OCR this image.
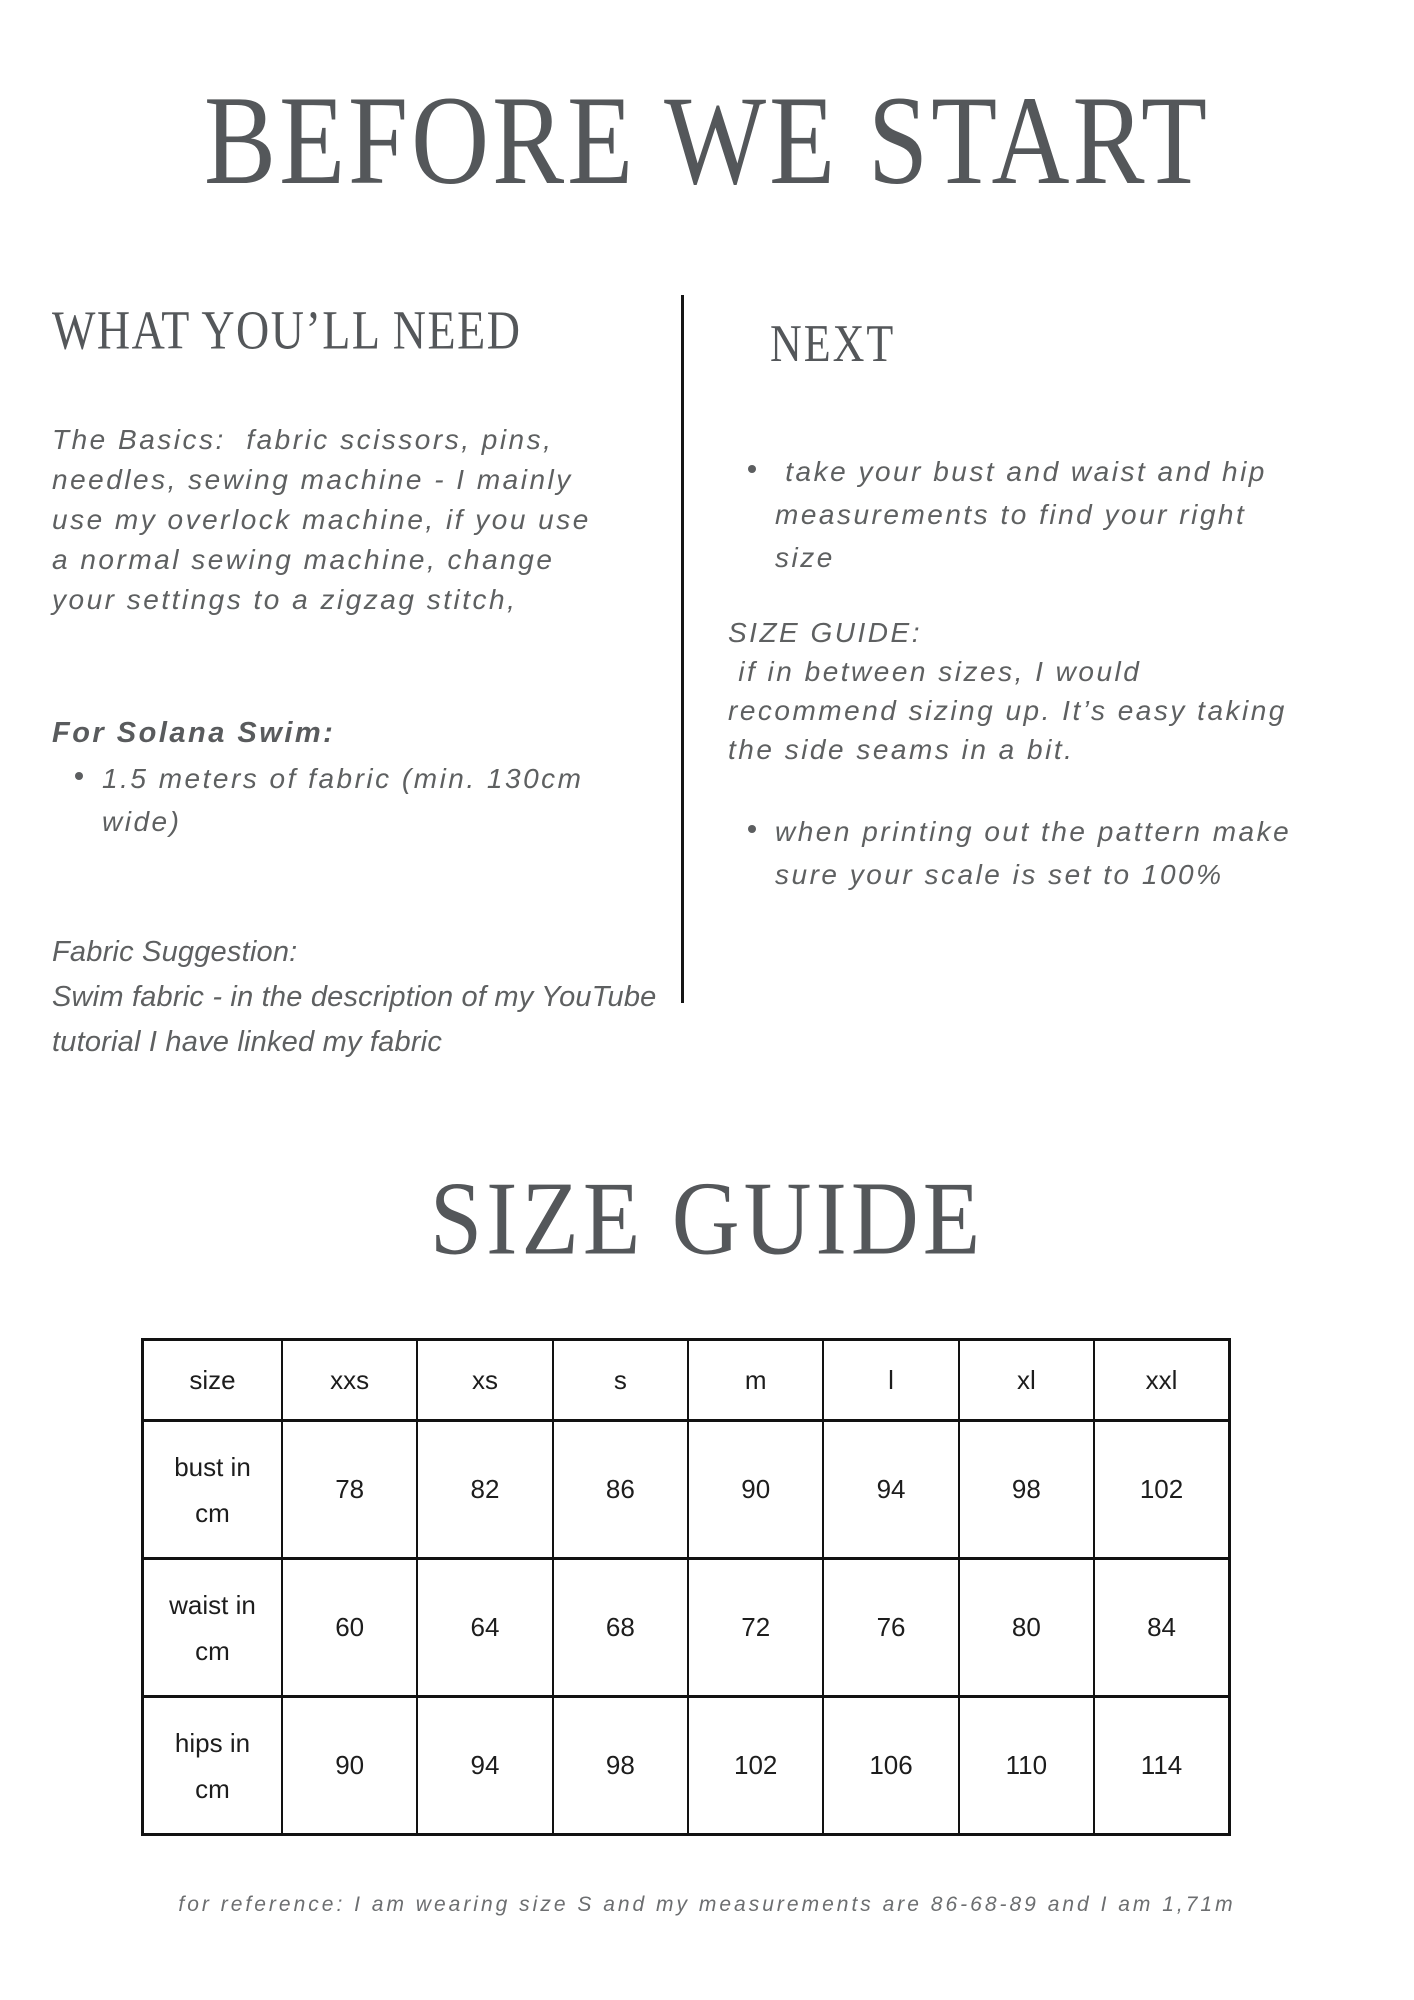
BEFORE WE START
WHAT YOU’LL NEED
The Basics:  fabric scissors, pins,
needles, sewing machine - I mainly
use my overlock machine, if you use
a normal sewing machine, change
your settings to a zigzag stitch,
For Solana Swim:
1.5 meters of fabric (min. 130cm
wide)
Fabric Suggestion:
Swim fabric - in the description of my YouTube
tutorial I have linked my fabric
NEXT
take your bust and waist and hip
measurements to find your right
size
SIZE GUIDE:
if in between sizes, I would
recommend sizing up. It’s easy taking
the side seams in a bit.
when printing out the pattern make
sure your scale is set to 100%
SIZE GUIDE
size	xxs	xs	s	m	l	xl	xxl
bust in cm	78	82	86	90	94	98	102
waist in cm	60	64	68	72	76	80	84
hips in cm	90	94	98	102	106	110	114
for reference: I am wearing size S and my measurements are 86-68-89 and I am 1,71m
